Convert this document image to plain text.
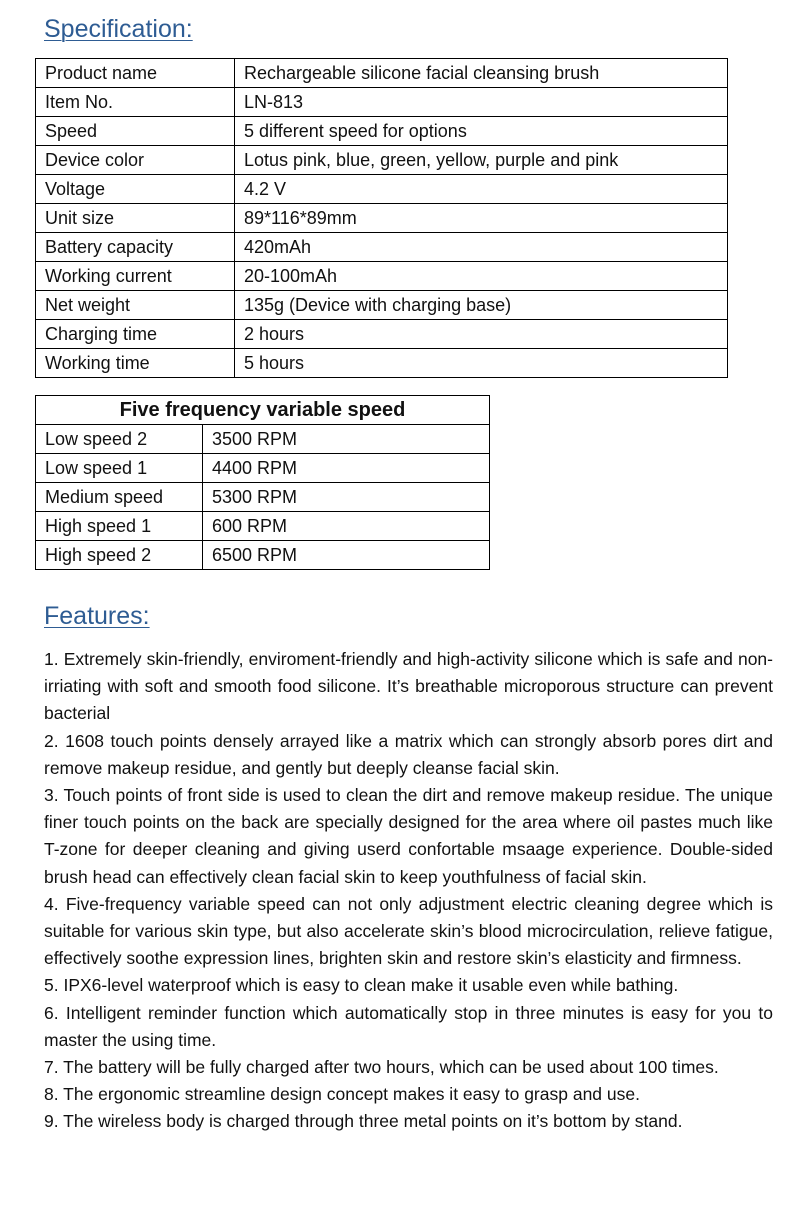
Specification:
Product name	Rechargeable silicone facial cleansing brush
Item No.	LN-813
Speed	5 different speed for options
Device color	Lotus pink, blue, green, yellow, purple and pink
Voltage	4.2 V
Unit size	89*116*89mm
Battery capacity	420mAh
Working current	20-100mAh
Net weight	135g (Device with charging base)
Charging time	2 hours
Working time	5 hours
Five frequency variable speed	
Low speed 2	3500 RPM
Low speed 1	4400 RPM
Medium speed	5300 RPM
High speed 1	600 RPM
High speed 2	6500 RPM
Features:

1. Extremely skin-friendly, enviroment-friendly and high-activity silicone which is safe and non-irriating with soft and smooth food silicone. It’s breathable microporous structure can prevent bacterial

2. 1608 touch points densely arrayed like a matrix which can strongly absorb pores dirt and remove makeup residue, and gently but deeply cleanse facial skin.

3. Touch points of front side is used to clean the dirt and remove makeup residue. The unique finer touch points on the back are specially designed for the area where oil pastes much like T-zone for deeper cleaning and giving userd confortable msaage experience. Double-sided brush head can effectively clean facial skin to keep youthfulness of facial skin.

4. Five-frequency variable speed can not only adjustment electric cleaning degree which is suitable for various skin type, but also accelerate skin’s blood microcirculation, relieve fatigue, effectively soothe expression lines, brighten skin and restore skin’s elasticity and firmness.

5. IPX6-level waterproof which is easy to clean make it usable even while bathing.

6. Intelligent reminder function which automatically stop in three minutes is easy for you to master the using time.

7. The battery will be fully charged after two hours, which can be used about 100 times.

8. The ergonomic streamline design concept makes it easy to grasp and use.

9. The wireless body is charged through three metal points on it’s bottom by stand.
